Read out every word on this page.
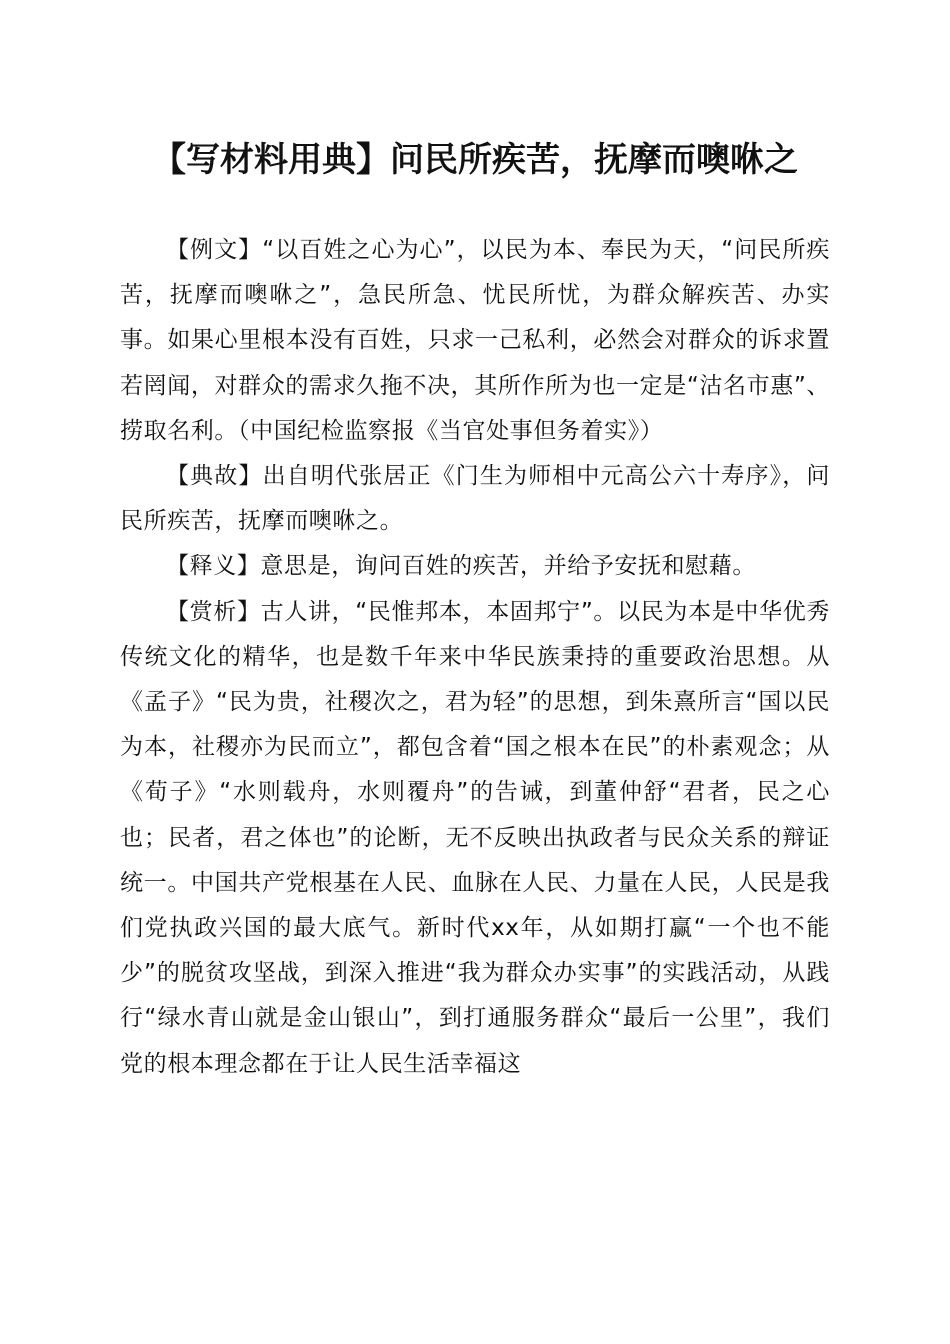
【写材料用典】问民所疾苦，抚摩而噢咻之

【例文】“以百姓之心为心”，以民为本、奉民为天，“问民所疾苦，抚摩而噢咻之”，急民所急、忧民所忧，为群众解疾苦、办实事。如果心里根本没有百姓，只求一己私利，必然会对群众的诉求置若罔闻，对群众的需求久拖不决，其所作所为也一定是“沽名市惠”、捞取名利。（中国纪检监察报《当官处事但务着实》）

【典故】出自明代张居正《门生为师相中元高公六十寿序》，问民所疾苦，抚摩而噢咻之。

【释义】意思是，询问百姓的疾苦，并给予安抚和慰藉。

【赏析】古人讲，“民惟邦本，本固邦宁”。以民为本是中华优秀传统文化的精华，也是数千年来中华民族秉持的重要政治思想。从《孟子》“民为贵，社稷次之，君为轻”的思想，到朱熹所言“国以民为本，社稷亦为民而立”，都包含着“国之根本在民”的朴素观念；从《荀子》“水则载舟，水则覆舟”的告诫，到董仲舒“君者，民之心也；民者，君之体也”的论断，无不反映出执政者与民众关系的辩证统一。中国共产党根基在人民、血脉在人民、力量在人民，人民是我们党执政兴国的最大底气。新时代xx年，从如期打赢“一个也不能少”的脱贫攻坚战，到深入推进“我为群众办实事”的实践活动，从践行“绿水青山就是金山银山”，到打通服务群众“最后一公里”，我们党的根本理念都在于让人民生活幸福这
